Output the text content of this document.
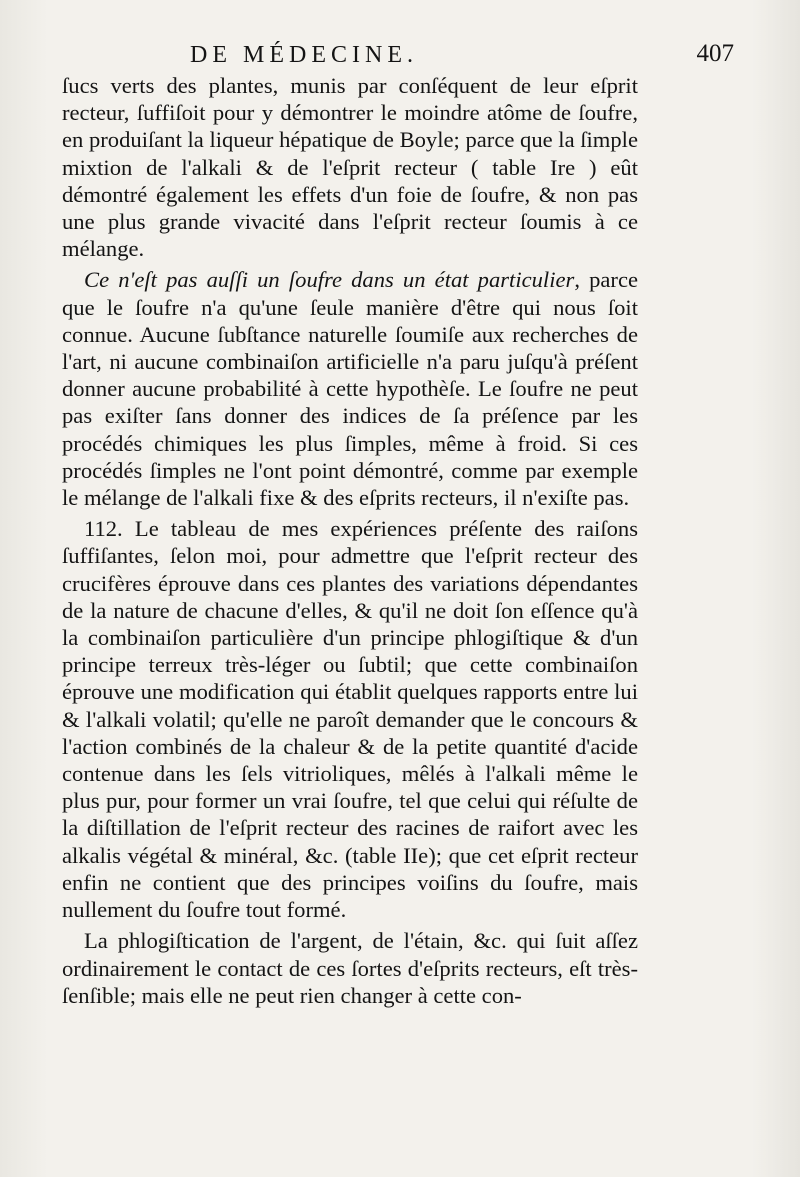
DE MÉDECINE.	407

ſucs verts des plantes, munis par conſéquent de leur eſprit recteur, ſuffiſoit pour y démontrer le moindre atôme de ſoufre, en produiſant la liqueur hépatique de Boyle; parce que la ſimple mixtion de l'alkali & de l'eſprit recteur ( table Ire ) eût démontré également les effets d'un foie de ſoufre, & non pas une plus grande vivacité dans l'eſprit recteur ſoumis à ce mélange.

Ce n'eſt pas auſſi un ſoufre dans un état particulier, parce que le ſoufre n'a qu'une ſeule manière d'être qui nous ſoit connue. Aucune ſubſtance naturelle ſoumiſe aux recherches de l'art, ni aucune combinaiſon artificielle n'a paru juſqu'à préſent donner aucune probabilité à cette hypothèſe. Le ſoufre ne peut pas exiſter ſans donner des indices de ſa préſence par les procédés chimiques les plus ſimples, même à froid. Si ces procédés ſimples ne l'ont point démontré, comme par exemple le mélange de l'alkali fixe & des eſprits recteurs, il n'exiſte pas.

112. Le tableau de mes expériences préſente des raiſons ſuffiſantes, ſelon moi, pour admettre que l'eſprit recteur des crucifères éprouve dans ces plantes des variations dépendantes de la nature de chacune d'elles, & qu'il ne doit ſon eſſence qu'à la combinaiſon particulière d'un principe phlogiſtique & d'un principe terreux très-léger ou ſubtil; que cette combinaiſon éprouve une modification qui établit quelques rapports entre lui & l'alkali volatil; qu'elle ne paroît demander que le concours & l'action combinés de la chaleur & de la petite quantité d'acide contenue dans les ſels vitrioliques, mêlés à l'alkali même le plus pur, pour former un vrai ſoufre, tel que celui qui réſulte de la diſtillation de l'eſprit recteur des racines de raifort avec les alkalis végétal & minéral, &c. (table IIe); que cet eſprit recteur enfin ne contient que des principes voiſins du ſoufre, mais nullement du ſoufre tout formé.

La phlogiſtication de l'argent, de l'étain, &c. qui ſuit aſſez ordinairement le contact de ces ſortes d'eſprits recteurs, eſt très-ſenſible; mais elle ne peut rien changer à cette con-
